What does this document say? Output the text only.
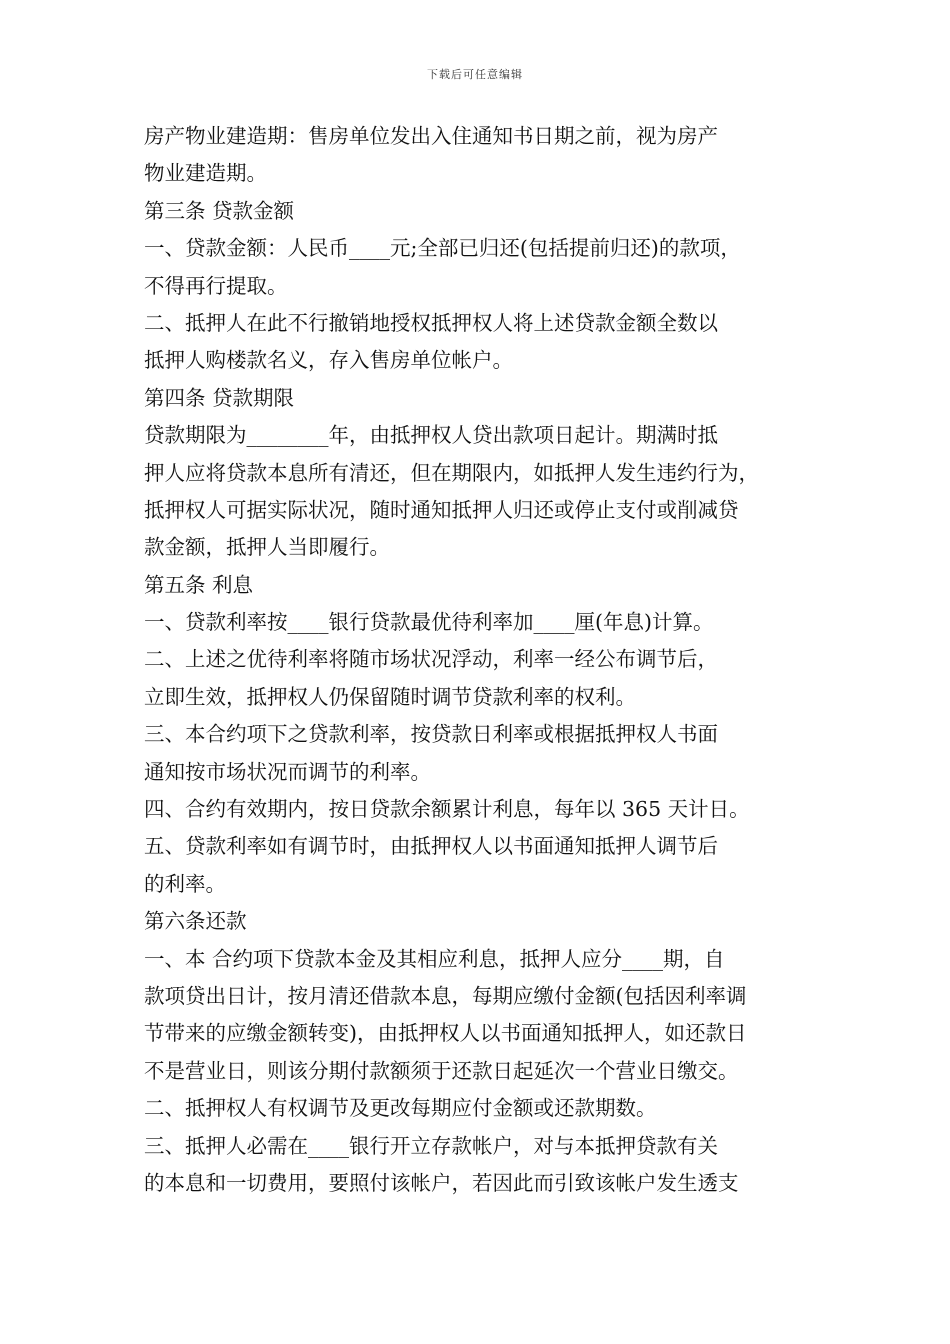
下载后可任意编辑
房产物业建造期：售房单位发出入住通知书日期之前，视为房产
物业建造期。
第三条 贷款金额
一、贷款金额：人民币____元;全部已归还(包括提前归还)的款项，
不得再行提取。
二、抵押人在此不行撤销地授权抵押权人将上述贷款金额全数以
抵押人购楼款名义，存入售房单位帐户。
第四条 贷款期限
贷款期限为________年，由抵押权人贷出款项日起计。期满时抵
押人应将贷款本息所有清还，但在期限内，如抵押人发生违约行为，
抵押权人可据实际状况，随时通知抵押人归还或停止支付或削减贷
款金额，抵押人当即履行。
第五条 利息
一、贷款利率按____银行贷款最优待利率加____厘(年息)计算。
二、上述之优待利率将随市场状况浮动，利率一经公布调节后，
立即生效，抵押权人仍保留随时调节贷款利率的权利。
三、本合约项下之贷款利率，按贷款日利率或根据抵押权人书面
通知按市场状况而调节的利率。
四、合约有效期内，按日贷款余额累计利息，每年以 365 天计日。
五、贷款利率如有调节时，由抵押权人以书面通知抵押人调节后
的利率。
第六条还款
一、本 合约项下贷款本金及其相应利息，抵押人应分____期，自
款项贷出日计，按月清还借款本息，每期应缴付金额(包括因利率调
节带来的应缴金额转变)，由抵押权人以书面通知抵押人，如还款日
不是营业日，则该分期付款额须于还款日起延次一个营业日缴交。
二、抵押权人有权调节及更改每期应付金额或还款期数。
三、抵押人必需在____银行开立存款帐户，对与本抵押贷款有关
的本息和一切费用，要照付该帐户，若因此而引致该帐户发生透支
